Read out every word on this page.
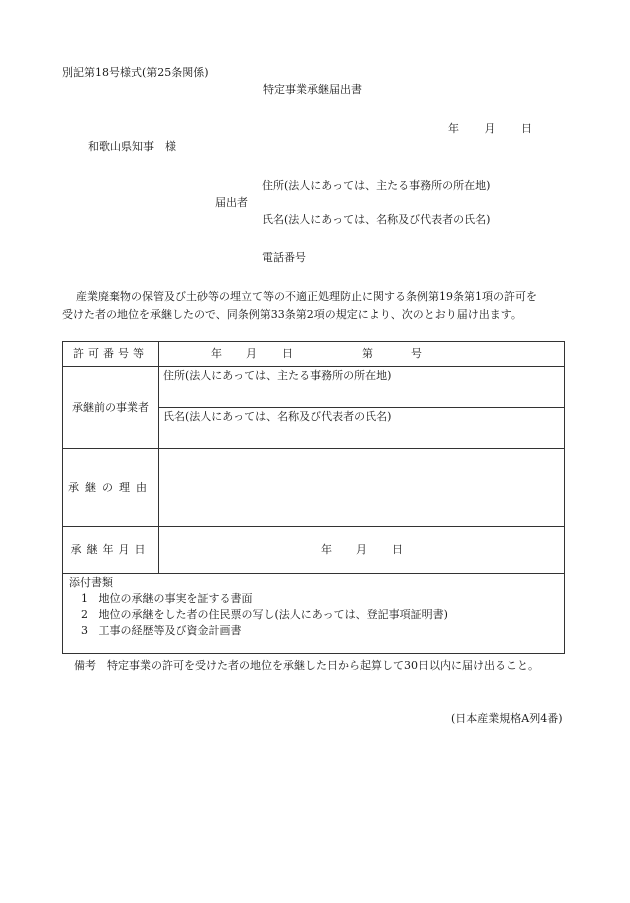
別記第18号様式(第25条関係)
特定事業承継届出書
年 月 日
和歌山県知事　様
住所(法人にあっては、主たる事務所の所在地)
届出者
氏名(法人にあっては、名称及び代表者の氏名)
電話番号
産業廃棄物の保管及び土砂等の埋立て等の不適正処理防止に関する条例第19条第1項の許可を
受けた者の地位を承継したので、同条例第33条第2項の規定により、次のとおり届け出ます。
許可番号等	年 月 日 第 号

承継前の事業者	住所(法人にあっては、主たる事務所の所在地)

	氏名(法人にあっては、名称及び代表者の氏名)

承継の理由	
承継年月日	年 月 日

添付書類
1 地位の承継の事実を証する書面
2 地位の承継をした者の住民票の写し(法人にあっては、登記事項証明書)
3 工事の経歴等及び資金計画書	
備考　特定事業の許可を受けた者の地位を承継した日から起算して30日以内に届け出ること。
(日本産業規格A列4番)
